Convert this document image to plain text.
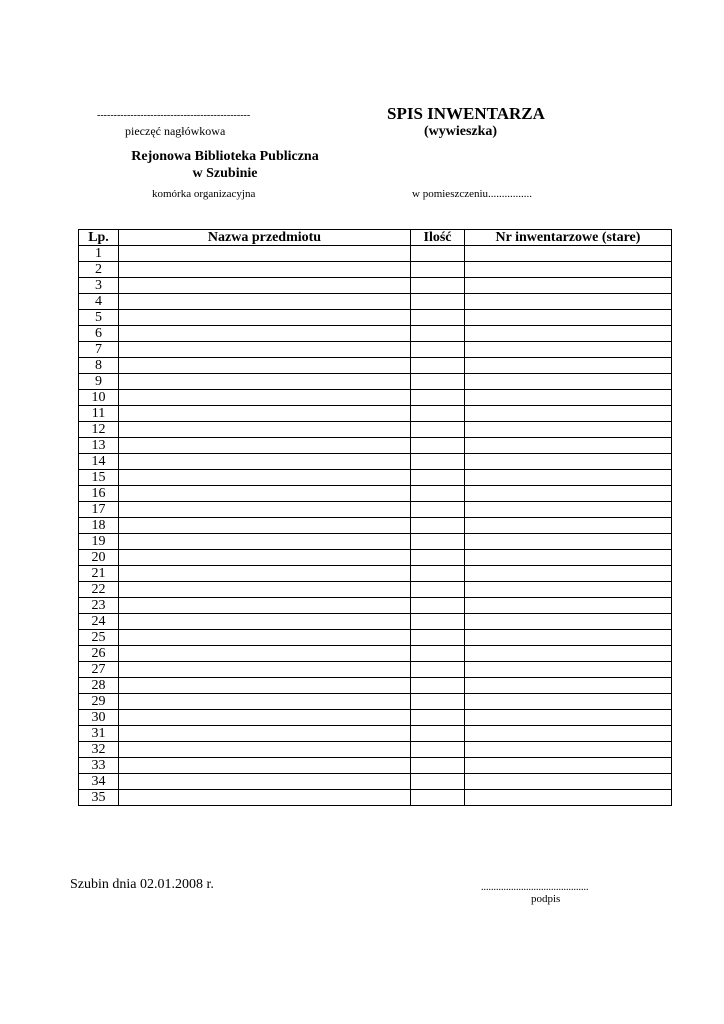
----------------------------------------------
pieczęć nagłówkowa
SPIS INWENTARZA
(wywieszka)
Rejonowa Biblioteka Publiczna
w Szubinie
komórka organizacyjna	w pomieszczeniu................
Lp.	Nazwa przedmiotu	Ilość	Nr inwentarzowe (stare)
1			
2			
3			
4			
5			
6			
7			
8			
9			
10			
11			
12			
13			
14			
15			
16			
17			
18			
19			
20			
21			
22			
23			
24			
25			
26			
27			
28			
29			
30			
31			
32			
33			
34			
35			
Szubin dnia 02.01.2008 r.	...........................................
podpis
